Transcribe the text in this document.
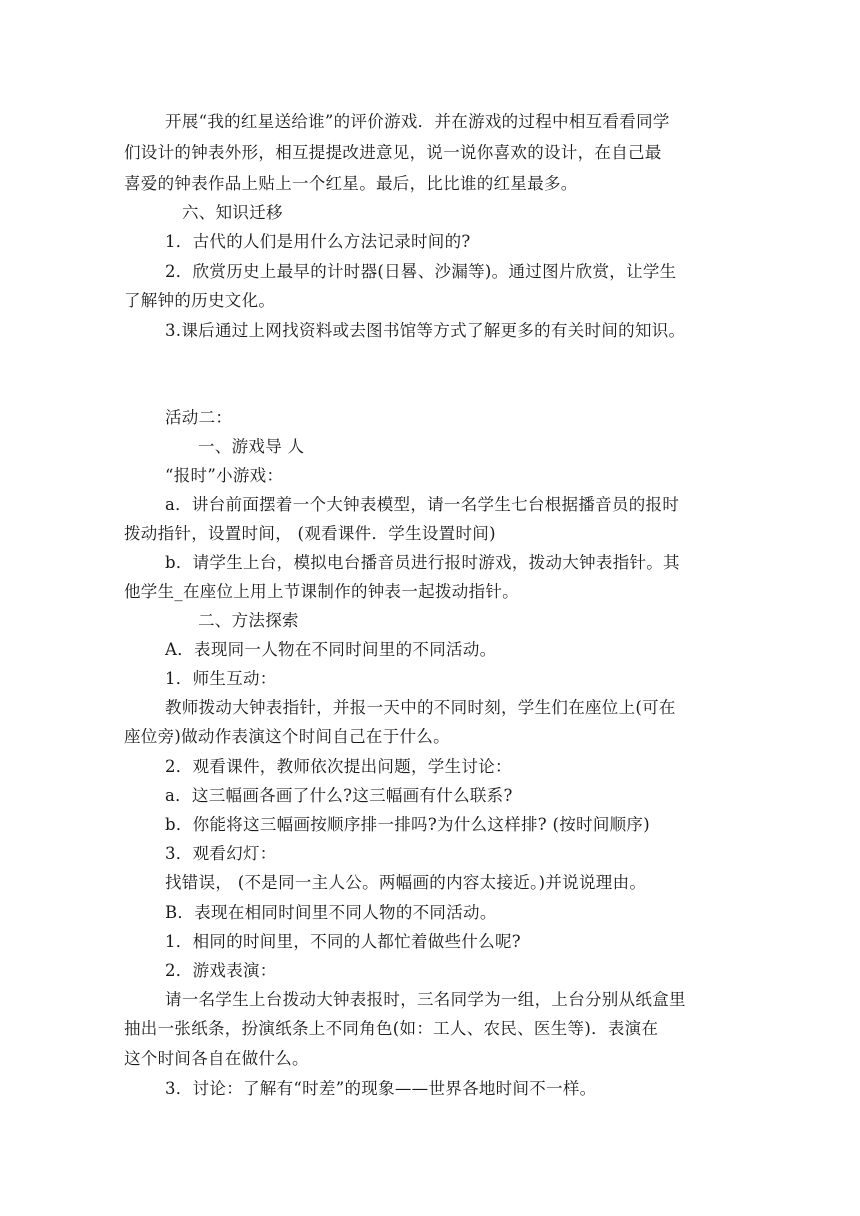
开展“我的红星送给谁”的评价游戏．并在游戏的过程中相互看看同学
们设计的钟表外形，相互提提改进意见，说一说你喜欢的设计，在自己最
喜爱的钟表作品上贴上一个红星。最后，比比谁的红星最多。
六、知识迁移
1．古代的人们是用什么方法记录时间的?
2．欣赏历史上最早的计时器(日晷、沙漏等)。通过图片欣赏，让学生
了解钟的历史文化。
3.课后通过上网找资料或去图书馆等方式了解更多的有关时间的知识。
活动二：
一、游戏导 人
“报时”小游戏：
a．讲台前面摆着一个大钟表模型，请一名学生七台根据播音员的报时
拨动指针，设置时间， (观看课件．学生设置时间)
b．请学生上台，模拟电台播音员进行报时游戏，拨动大钟表指针。其
他学生_在座位上用上节课制作的钟表一起拨动指针。
二、方法探索
A．表现同一人物在不同时间里的不同活动。
1．师生互动：
教师拨动大钟表指针，并报一天中的不同时刻，学生们在座位上(可在
座位旁)做动作表演这个时间自己在于什么。
2．观看课件，教师依次提出问题，学生讨论：
a．这三幅画各画了什么?这三幅画有什么联系?
b．你能将这三幅画按顺序排一排吗?为什么这样排? (按时间顺序)
3．观看幻灯：
找错误， (不是同一主人公。两幅画的内容太接近。)并说说理由。
B．表现在相同时间里不同人物的不同活动。
1．相同的时间里，不同的人都忙着做些什么呢?
2．游戏表演：
请一名学生上台拨动大钟表报时，三名同学为一组，上台分别从纸盒里
抽出一张纸条，扮演纸条上不同角色(如：工人、农民、医生等)．表演在
这个时间各自在做什么。
3．讨论：了解有“时差”的现象——世界各地时间不一样。
